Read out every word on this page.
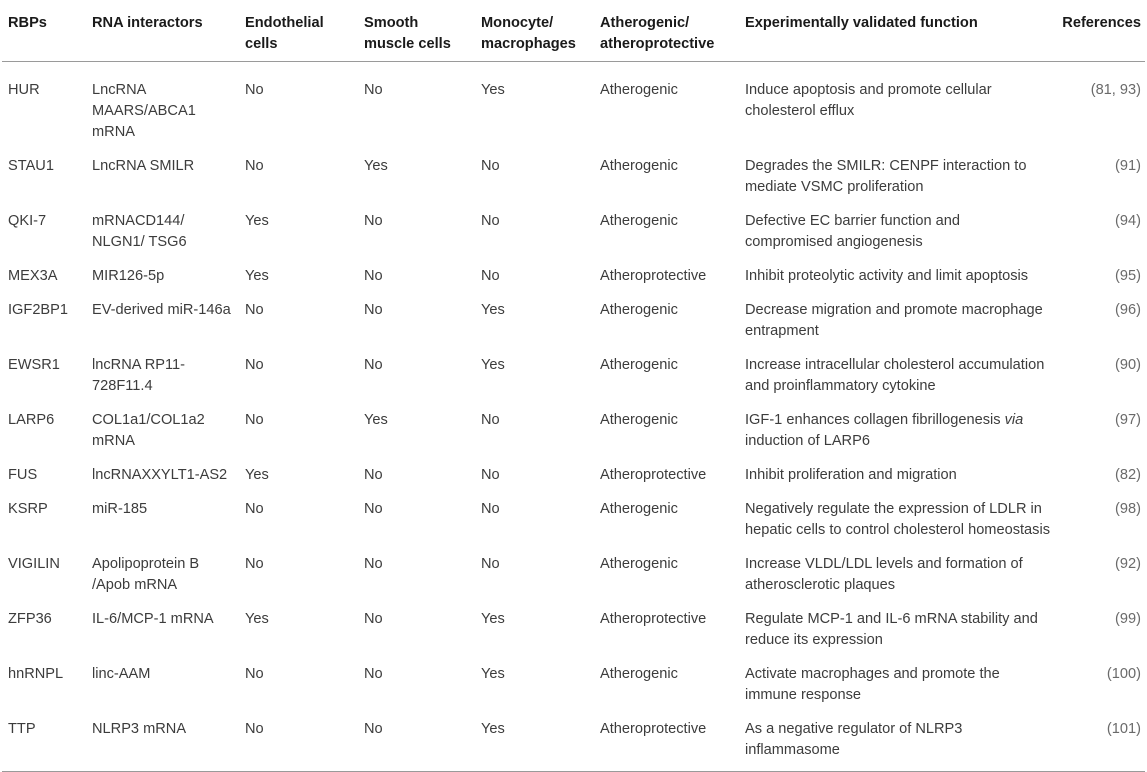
RBPs	RNA interactors	Endothelial cells	Smooth muscle cells	Monocyte/ macrophages	Atherogenic/ atheroprotective	Experimentally validated function	References
HUR	LncRNA MAARS/ABCA1 mRNA	No	No	Yes	Atherogenic	Induce apoptosis and promote cellular cholesterol efflux	(81, 93)
STAU1	LncRNA SMILR	No	Yes	No	Atherogenic	Degrades the SMILR: CENPF interaction to mediate VSMC proliferation	(91)
QKI-7	mRNACD144/ NLGN1/ TSG6	Yes	No	No	Atherogenic	Defective EC barrier function and compromised angiogenesis	(94)
MEX3A	MIR126-5p	Yes	No	No	Atheroprotective	Inhibit proteolytic activity and limit apoptosis	(95)
IGF2BP1	EV-derived miR-146a	No	No	Yes	Atherogenic	Decrease migration and promote macrophage entrapment	(96)
EWSR1	lncRNA RP11-728F11.4	No	No	Yes	Atherogenic	Increase intracellular cholesterol accumulation and proinflammatory cytokine	(90)
LARP6	COL1a1/COL1a2 mRNA	No	Yes	No	Atherogenic	IGF-1 enhances collagen fibrillogenesis via induction of LARP6	(97)
FUS	lncRNAXXYLT1-AS2	Yes	No	No	Atheroprotective	Inhibit proliferation and migration	(82)
KSRP	miR-185	No	No	No	Atherogenic	Negatively regulate the expression of LDLR in hepatic cells to control cholesterol homeostasis	(98)
VIGILIN	Apolipoprotein B /Apob mRNA	No	No	No	Atherogenic	Increase VLDL/LDL levels and formation of atherosclerotic plaques	(92)
ZFP36	IL-6/MCP-1 mRNA	Yes	No	Yes	Atheroprotective	Regulate MCP-1 and IL-6 mRNA stability and reduce its expression	(99)
hnRNPL	linc-AAM	No	No	Yes	Atherogenic	Activate macrophages and promote the immune response	(100)
TTP	NLRP3 mRNA	No	No	Yes	Atheroprotective	As a negative regulator of NLRP3 inflammasome	(101)
